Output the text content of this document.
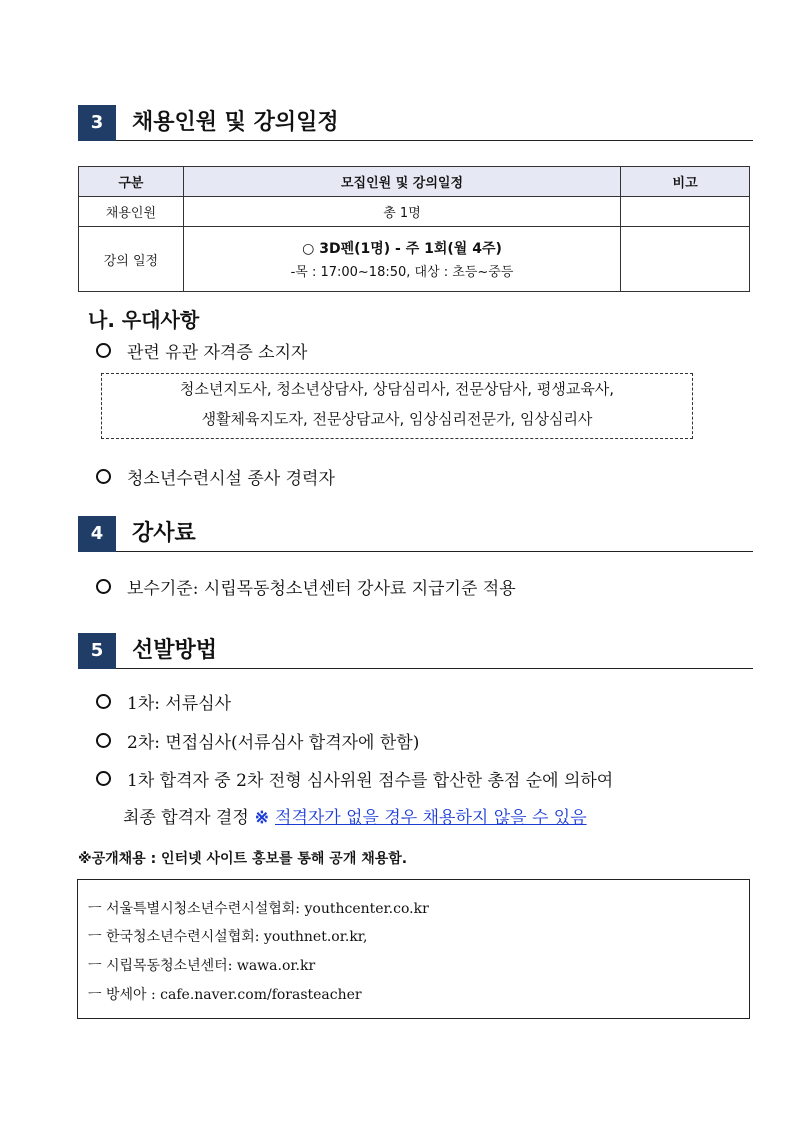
3	채용인원 및 강의일정
구분	모집인원 및 강의일정	비고
채용인원	총 1명	
강의 일정	○ 3D펜(1명) - 주 1회(월 4주)
-목 : 17:00~18:50, 대상 : 초등~중등	

나. 우대사항
관련 유관 자격증 소지자
청소년지도사, 청소년상담사, 상담심리사, 전문상담사, 평생교육사,
생활체육지도자, 전문상담교사, 임상심리전문가, 임상심리사
청소년수련시설 종사 경력자
4	강사료
보수기준: 시립목동청소년센터 강사료 지급기준 적용
5	선발방법
1차: 서류심사
2차: 면접심사(서류심사 합격자에 한함)
1차 합격자 중 2차 전형 심사위원 점수를 합산한 총점 순에 의하여
최종 합격자 결정 ※ 적격자가 없을 경우 채용하지 않을 수 있음
※공개채용 : 인터넷 사이트 홍보를 통해 공개 채용함.
ㅡ 서울특별시청소년수련시설협회: youthcenter.co.kr
ㅡ 한국청소년수련시설협회: youthnet.or.kr,
ㅡ 시립목동청소년센터: wawa.or.kr
ㅡ 방세아 : cafe.naver.com/forasteacher
